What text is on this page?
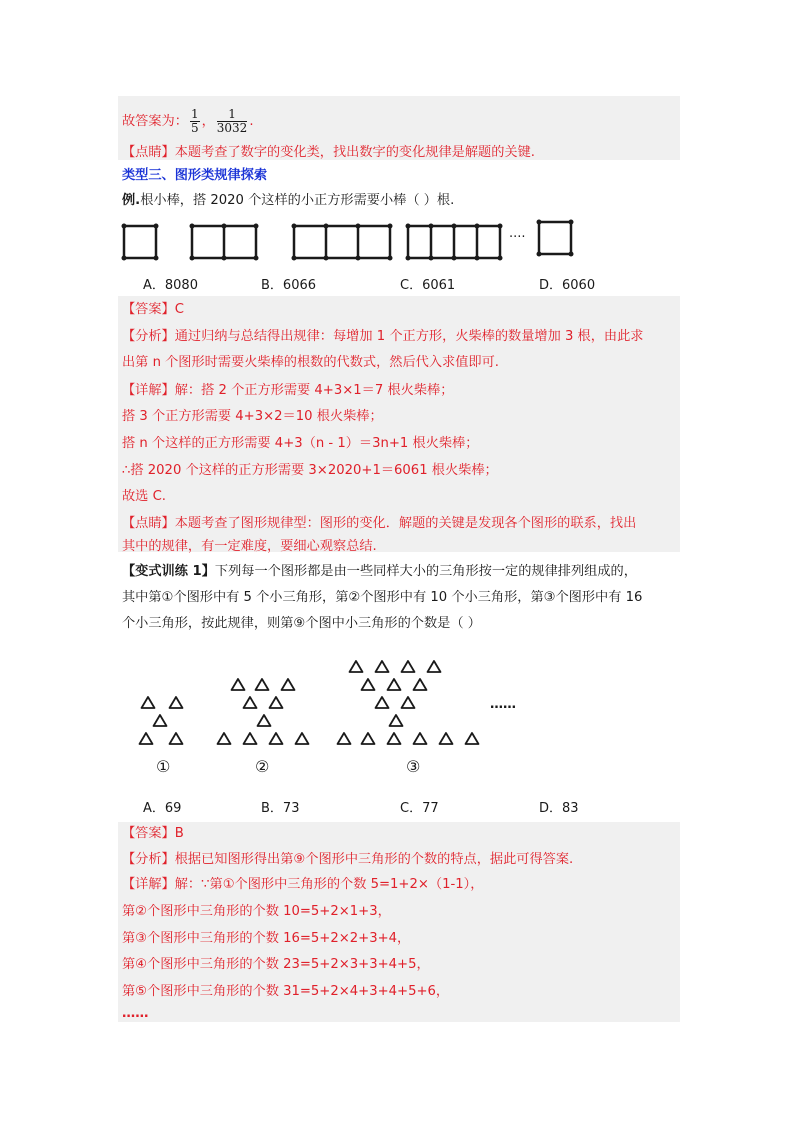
故答案为： $\frac{1}{5}$ ， $\frac{1}{3032}$ .
【点睛】本题考查了数字的变化类，找出数字的变化规律是解题的关键.
类型三、图形类规律探索
例.根小棒，搭 2020 个这样的小正方形需要小棒（ ）根.
····
A．8080	B．6066	C．6061	D．6060
【答案】C
【分析】通过归纳与总结得出规律：每增加 1 个正方形，火柴棒的数量增加 3 根，由此求
出第 n 个图形时需要火柴棒的根数的代数式，然后代入求值即可.
【详解】解：搭 2 个正方形需要 4+3×1＝7 根火柴棒；
搭 3 个正方形需要 4+3×2＝10 根火柴棒；
搭 n 个这样的正方形需要 4+3（n - 1）＝3n+1 根火柴棒；
∴搭 2020 个这样的正方形需要 3×2020+1＝6061 根火柴棒；
故选 C.
【点睛】本题考查了图形规律型：图形的变化．解题的关键是发现各个图形的联系，找出
其中的规律，有一定难度，要细心观察总结.
【变式训练 1】下列每一个图形都是由一些同样大小的三角形按一定的规律排列组成的，
其中第①个图形中有 5 个小三角形，第②个图形中有 10 个小三角形，第③个图形中有 16
个小三角形，按此规律，则第⑨个图中小三角形的个数是（ ）
①	②	③
……
A．69	B．73	C．77	D．83
【答案】B
【分析】根据已知图形得出第⑨个图形中三角形的个数的特点，据此可得答案.
【详解】解：∵第①个图形中三角形的个数 5=1+2×（1-1），
第②个图形中三角形的个数 10=5+2×1+3，
第③个图形中三角形的个数 16=5+2×2+3+4，
第④个图形中三角形的个数 23=5+2×3+3+4+5，
第⑤个图形中三角形的个数 31=5+2×4+3+4+5+6，
……
